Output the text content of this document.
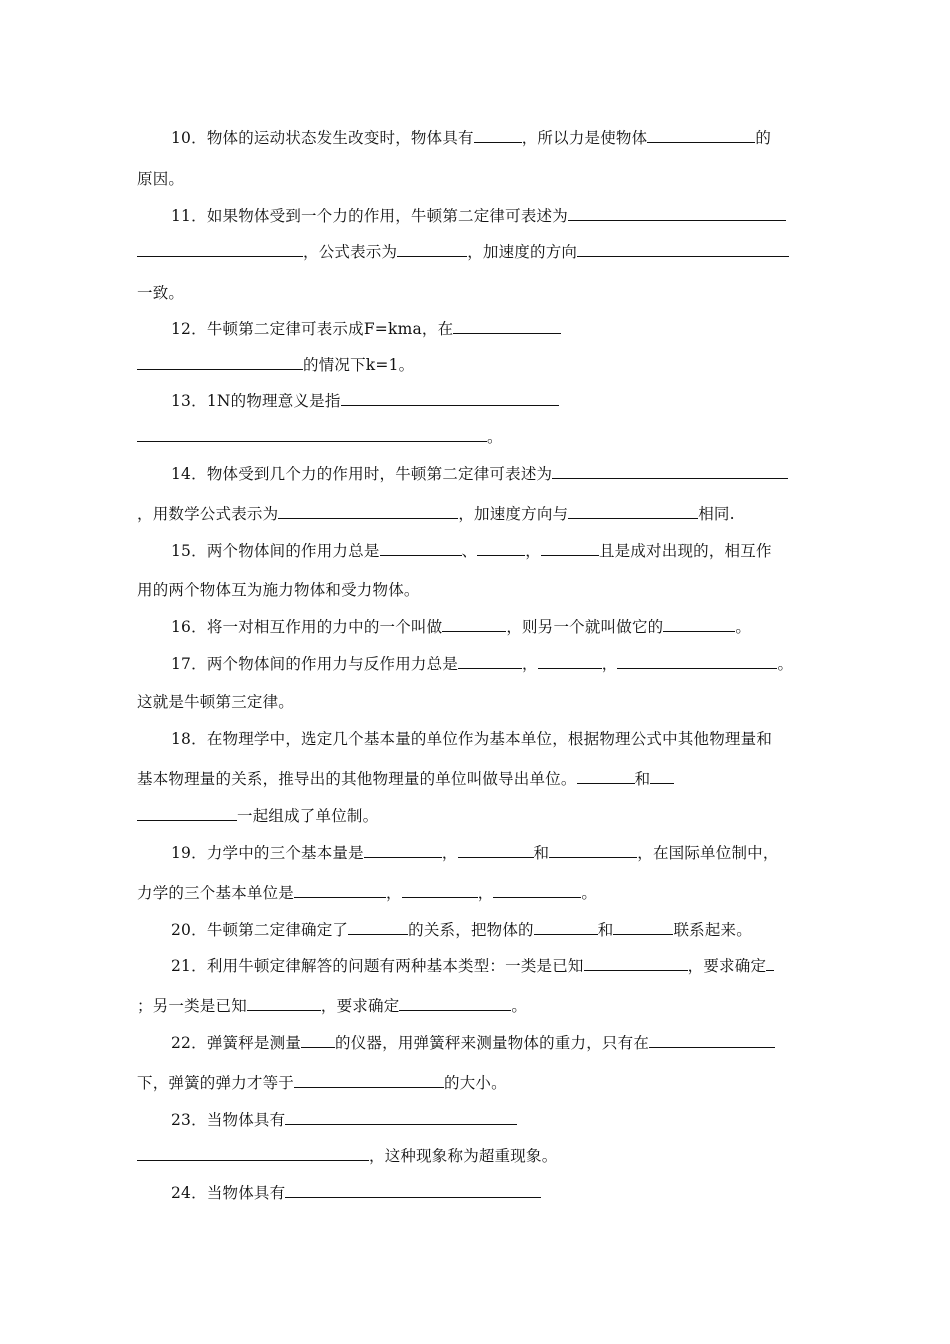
10．物体的运动状态发生改变时，物体具有	，所以力是使物体	的
原因。
11．如果物体受到一个力的作用，牛顿第二定律可表述为
，公式表示为	，加速度的方向
一致。
12．牛顿第二定律可表示成F=kma，在
的情况下k=1。
13．1N的物理意义是指
。
14．物体受到几个力的作用时，牛顿第二定律可表述为
，用数学公式表示为	，加速度方向与	相同.
15．两个物体间的作用力总是	、	，	且是成对出现的，相互作
用的两个物体互为施力物体和受力物体。
16．将一对相互作用的力中的一个叫做	，则另一个就叫做它的	。
17．两个物体间的作用力与反作用力总是	，	，	。
这就是牛顿第三定律。
18．在物理学中，选定几个基本量的单位作为基本单位，根据物理公式中其他物理量和
基本物理量的关系，推导出的其他物理量的单位叫做导出单位。	和
一起组成了单位制。
19．力学中的三个基本量是	，	和	，在国际单位制中，
力学的三个基本单位是	，	，	。
20．牛顿第二定律确定了	的关系，把物体的	和	联系起来。
21．利用牛顿定律解答的问题有两种基本类型：一类是已知	，要求确定
；另一类是已知	，要求确定	。
22．弹簧秤是测量 的仪器，用弹簧秤来测量物体的重力，只有在
下，弹簧的弹力才等于	的大小。
23．当物体具有
，这种现象称为超重现象。
24．当物体具有
